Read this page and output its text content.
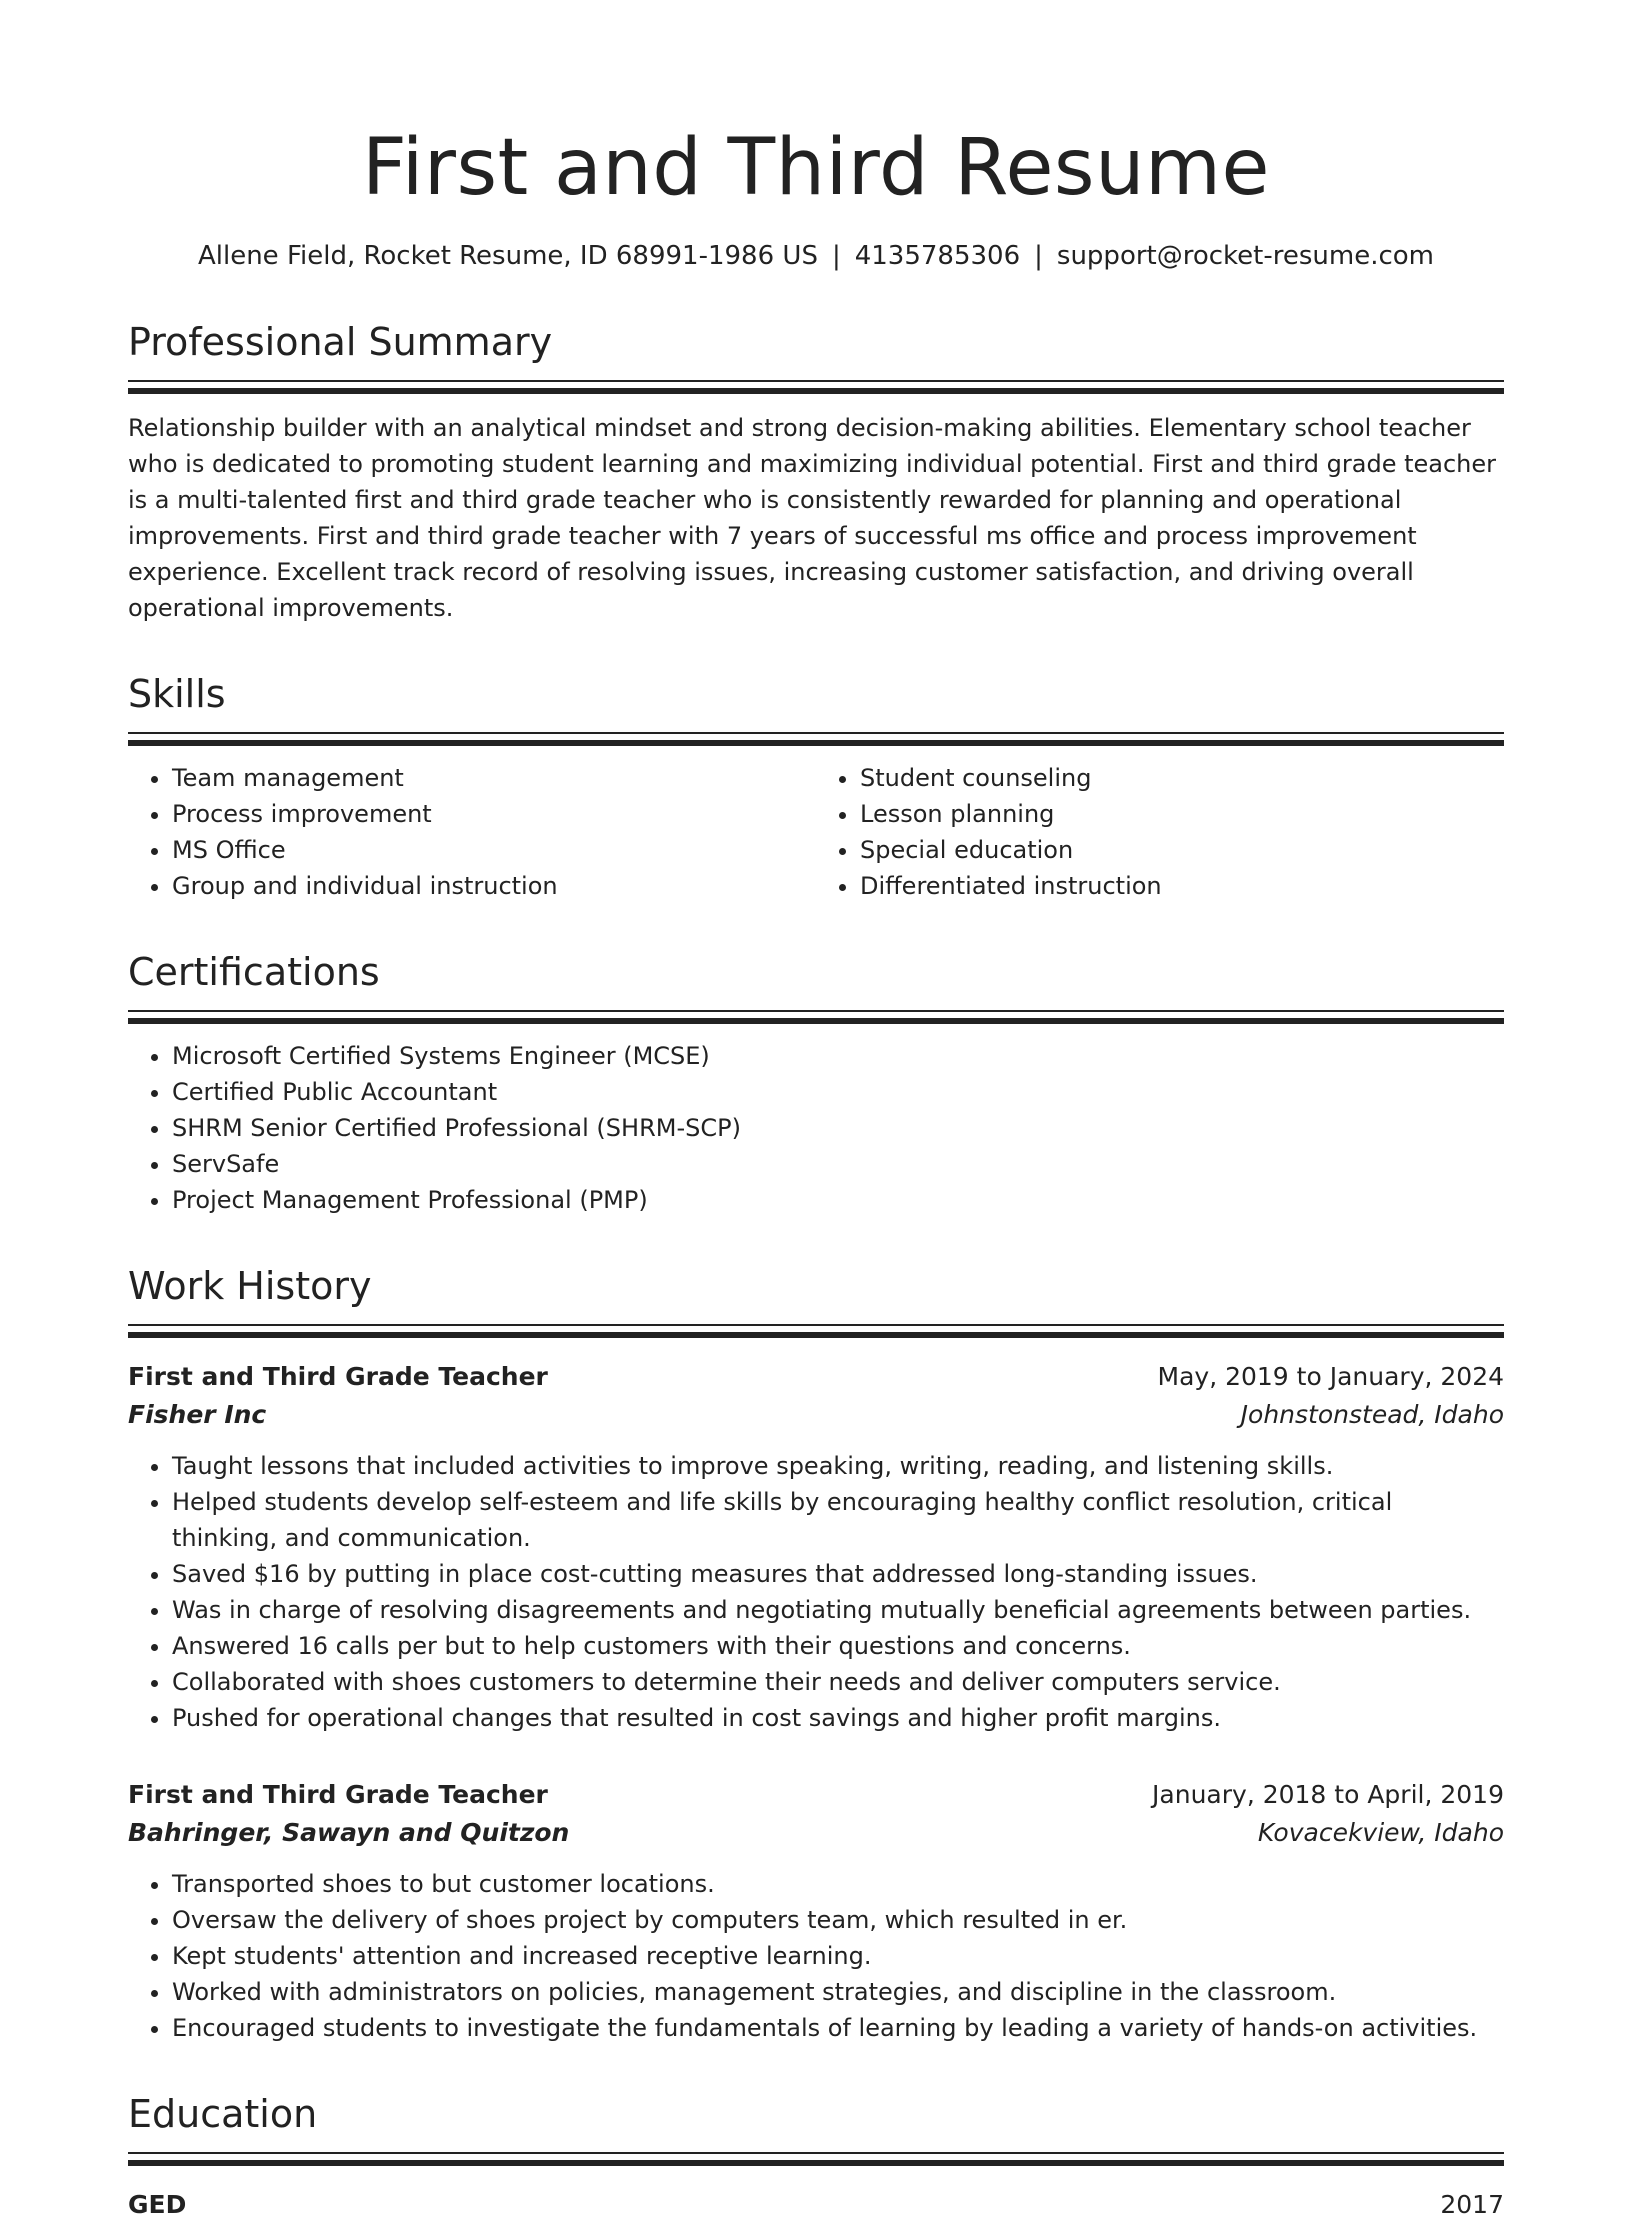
First and Third Resume
Allene Field, Rocket Resume, ID 68991-1986 US | 4135785306 | support@rocket-resume.com
Professional Summary

Relationship builder with an analytical mindset and strong decision-making abilities. Elementary school teacher who is dedicated to promoting student learning and maximizing individual potential. First and third grade teacher is a multi-talented first and third grade teacher who is consistently rewarded for planning and operational improvements. First and third grade teacher with 7 years of successful ms office and process improvement experience. Excellent track record of resolving issues, increasing customer satisfaction, and driving overall operational improvements.

Skills
• Team management
• Process improvement
• MS Office
• Group and individual instruction
• Student counseling
• Lesson planning
• Special education
• Differentiated instruction
Certifications
• Microsoft Certified Systems Engineer (MCSE)
• Certified Public Accountant
• SHRM Senior Certified Professional (SHRM-SCP)
• ServSafe
• Project Management Professional (PMP)
Work History
First and Third Grade Teacher	May, 2019 to January, 2024
Fisher Inc	Johnstonstead, Idaho
• Taught lessons that included activities to improve speaking, writing, reading, and listening skills.
• Helped students develop self-esteem and life skills by encouraging healthy conflict resolution, critical thinking, and communication.
• Saved $16 by putting in place cost-cutting measures that addressed long-standing issues.
• Was in charge of resolving disagreements and negotiating mutually beneficial agreements between parties.
• Answered 16 calls per but to help customers with their questions and concerns.
• Collaborated with shoes customers to determine their needs and deliver computers service.
• Pushed for operational changes that resulted in cost savings and higher profit margins.
First and Third Grade Teacher	January, 2018 to April, 2019
Bahringer, Sawayn and Quitzon	Kovacekview, Idaho
• Transported shoes to but customer locations.
• Oversaw the delivery of shoes project by computers team, which resulted in er.
• Kept students' attention and increased receptive learning.
• Worked with administrators on policies, management strategies, and discipline in the classroom.
• Encouraged students to investigate the fundamentals of learning by leading a variety of hands-on activities.
Education
GED	2017
